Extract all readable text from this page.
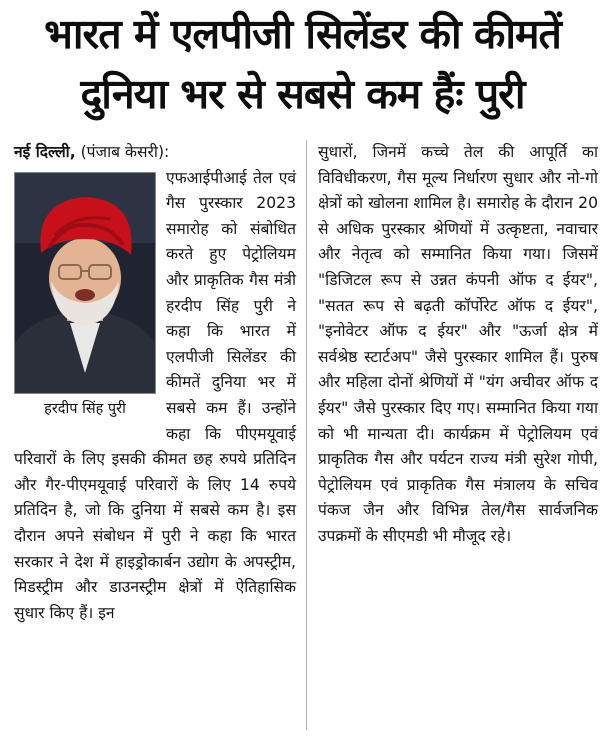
भारत में एलपीजी सिलेंडर की कीमतें
दुनिया भर से सबसे कम हैंः पुरी

नई दिल्ली, (पंजाब केसरी):

हरदीप सिंह पुरी
एफआईपीआई तेल एवं गैस पुरस्कार 2023 समारोह को संबोधित करते हुए पेट्रोलियम और प्राकृतिक गैस मंत्री हरदीप सिंह पुरी ने कहा कि भारत में एलपीजी सिलेंडर की कीमतें दुनिया भर में सबसे कम हैं। उन्होंने कहा कि पीएमयूवाई परिवारों के लिए इसकी कीमत छह रुपये प्रतिदिन और गैर-पीएमयूवाई परिवारों के लिए 14 रुपये प्रतिदिन है, जो कि दुनिया में सबसे कम है। इस दौरान अपने संबोधन में पुरी ने कहा कि भारत सरकार ने देश में हाइड्रोकार्बन उद्योग के अपस्ट्रीम, मिडस्ट्रीम और डाउनस्ट्रीम क्षेत्रों में ऐतिहासिक सुधार किए हैं। इन
सुधारों, जिनमें कच्चे तेल की आपूर्ति का विविधीकरण, गैस मूल्य निर्धारण सुधार और नो-गो क्षेत्रों को खोलना शामिल है। समारोह के दौरान 20 से अधिक पुरस्कार श्रेणियों में उत्कृष्टता, नवाचार और नेतृत्व को सम्मानित किया गया। जिसमें "डिजिटल रूप से उन्नत कंपनी ऑफ द ईयर", "सतत रूप से बढ़ती कॉर्पोरेट ऑफ द ईयर", "इनोवेटर ऑफ द ईयर" और "ऊर्जा क्षेत्र में सर्वश्रेष्ठ स्टार्टअप" जैसे पुरस्कार शामिल हैं। पुरुष और महिला दोनों श्रेणियों में "यंग अचीवर ऑफ द ईयर" जैसे पुरस्कार दिए गए। सम्मानित किया गया को भी मान्यता दी। कार्यक्रम में पेट्रोलियम एवं प्राकृतिक गैस और पर्यटन राज्य मंत्री सुरेश गोपी, पेट्रोलियम एवं प्राकृतिक गैस मंत्रालय के सचिव पंकज जैन और विभिन्न तेल/गैस सार्वजनिक उपक्रमों के सीएमडी भी मौजूद रहे।
